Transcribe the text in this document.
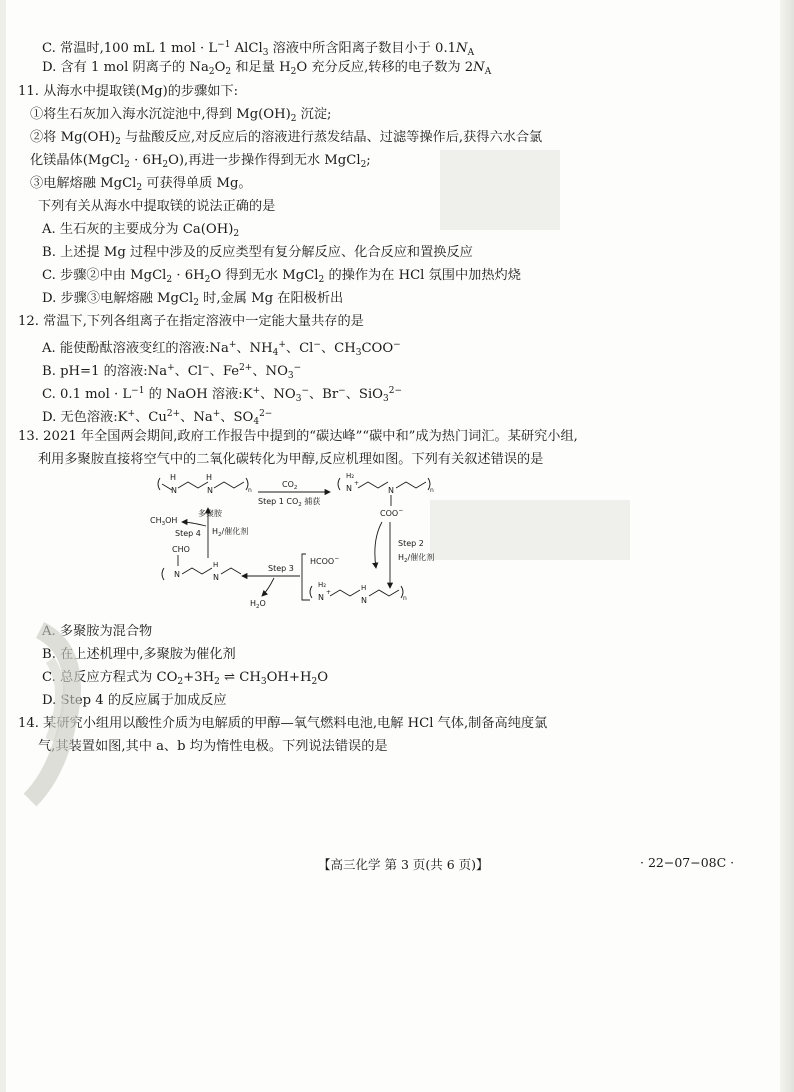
C. 常温时,100 mL 1 mol · $L^{-1}$ AlCl$_3$ 溶液中所含阳离子数目小于 $0.1N_A$
D. 含有 1 mol 阴离子的 $Na_2O_2$ 和足量 $H_2O$ 充分反应,转移的电子数为 $2N_A$
11. 从海水中提取镁(Mg)的步骤如下:
①将生石灰加入海水沉淀池中,得到 $Mg(OH)_2$ 沉淀;
②将 $Mg(OH)_2$ 与盐酸反应,对反应后的溶液进行蒸发结晶、过滤等操作后,获得六水合氯
化镁晶体(MgCl$_2$ · $6H_2O$),再进一步操作得到无水 MgCl$_2$;
③电解熔融 MgCl$_2$ 可获得单质 Mg。
下列有关从海水中提取镁的说法正确的是
A. 生石灰的主要成分为 $Ca(OH)_2$
B. 上述提 Mg 过程中涉及的反应类型有复分解反应、化合反应和置换反应
C. 步骤②中由 MgCl$_2$ · $6H_2O$ 得到无水 MgCl$_2$ 的操作为在 HCl 氛围中加热灼烧
D. 步骤③电解熔融 MgCl$_2$ 时,金属 Mg 在阳极析出
12. 常温下,下列各组离子在指定溶液中一定能大量共存的是
A. 能使酚酞溶液变红的溶液:Na+、$NH_4^+$、Cl−、$CH_3COO^-$
B. pH=1 的溶液:Na+、Cl−、$Fe^{2+}$、$NO_3^-$
C. 0.1 mol · $L^{-1}$ 的 NaOH 溶液:K+、$NO_3^-$、Br−、SiO$_3^{2-}$
D. 无色溶液:K+、$Cu^{2+}$、Na+、$SO_4^{2-}$
13. 2021 年全国两会期间,政府工作报告中提到的“碳达峰”“碳中和”成为热门词汇。某研究小组,
利用多聚胺直接将空气中的二氧化碳转化为甲醇,反应机理如图。下列有关叙述错误的是
A. 多聚胺为混合物
B. 在上述机理中,多聚胺为催化剂
C. 总反应方程式为 $CO_2+3H_2$ ⇌ $CH_3OH+H_2O$
D. Step 4 的反应属于加成反应
14. 某研究小组用以酸性介质为电解质的甲醇—氧气燃料电池,电解 HCl 气体,制备高纯度氯
气,其装置如图,其中 a、b 均为惰性电极。下列说法错误的是
H
N
H
N	n
$CO_2$
Step 1 $CO_2$ 捕获
H₂
N
+
N	n
COO−
Step 2
$H_2/$催化剂
HCOO−
Step 3
$H_2O$
H₂
N
+
H
N	n
CHO
N
H
N
$H_2/$催化剂
Step 4
$CH_3OH$
多聚胺
【高三化学 第 3 页(共 6 页)】	· 22−07−08C ·
